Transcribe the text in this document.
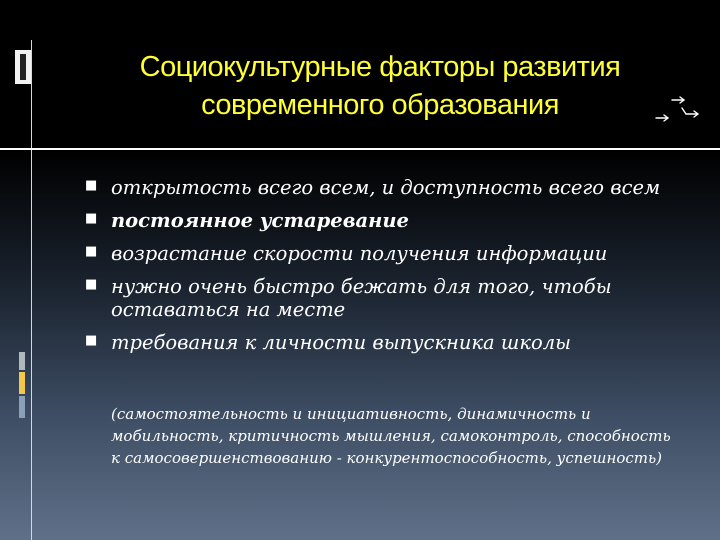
Социокультурные факторы развития
современного образования
■ открытость всего всем, и доступность всего всем
■ постоянное устаревание
■ возрастание скорости получения информации
■ нужно очень быстро бежать для того, чтобы оставаться на месте
■ требования к личности выпускника школы
(самостоятельность и инициативность, динамичность и мобильность, критичность мышления, самоконтроль, способность к самосовершенствованию - конкурентоспособность, успешность)
